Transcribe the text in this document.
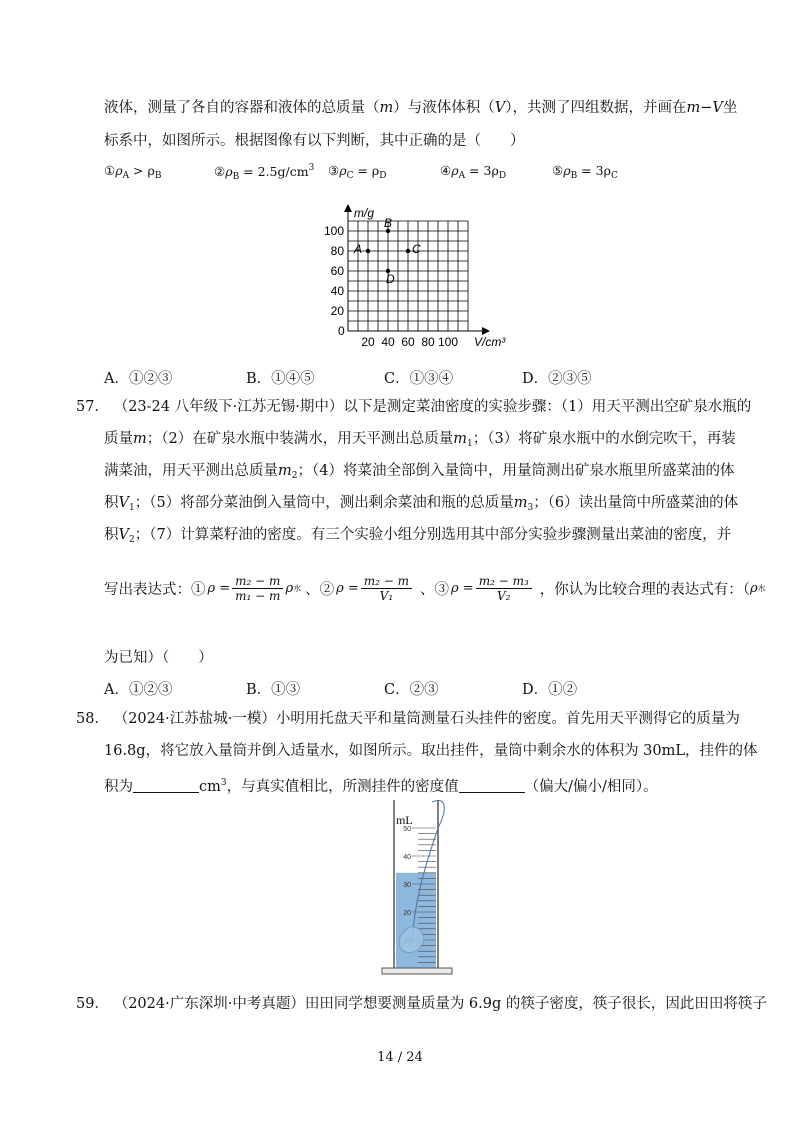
液体，测量了各自的容器和液体的总质量（m）与液体体积（V），共测了四组数据，并画在m−V坐
标系中，如图所示。根据图像有以下判断，其中正确的是（　　）
$①\rho_A > \rho_B$	$②\rho_B = 2.5g/cm^3$ $③\rho_C = \rho_D$	$④\rho_A = 3\rho_D$	$⑤\rho_B = 3\rho_C$
m/g
V/cm³
0
20
40
60
80
100
20 40 60 80 100
A
B
C
D
A．①②③	B．①④⑤	C．①③④	D．②③⑤
57． （23-24 八年级下·江苏无锡·期中）以下是测定菜油密度的实验步骤：（1）用天平测出空矿泉水瓶的
质量m；（2）在矿泉水瓶中装满水，用天平测出总质量$m_1$；（3）将矿泉水瓶中的水倒完吹干，再装
满菜油，用天平测出总质量$m_2$；（4）将菜油全部倒入量筒中，用量筒测出矿泉水瓶里所盛菜油的体
积$V_1$；（5）将部分菜油倒入量筒中，测出剩余菜油和瓶的总质量$m_3$；（6）读出量筒中所盛菜油的体
积$V_2$；（7）计算菜籽油的密度。有三个实验小组分别选用其中部分实验步骤测量出菜油的密度，并
写出表达式：① $\rho = \frac{\text{m₂ − m}}{\text{m₁ − m}}$ ρ 水 、② $\rho = \frac{\text{m₂ − m}}{\text{V₁}}$ 、③ $\rho = \frac{\text{m₂ − m₃}}{\text{V₂}}$ ，你认为比较合理的表达式有：（ ρ 水
为已知）（　　）
A．①②③	B．①③	C．②③	D．①②
58． （2024·江苏盐城·一模）小明用托盘天平和量筒测量石头挂件的密度。首先用天平测得它的质量为
16.8g，将它放入量筒并倒入适量水，如图所示。取出挂件，量筒中剩余水的体积为 30mL，挂件的体
积为	$cm^3$，与真实值相比，所测挂件的密度值	（偏大/偏小/相同）。
50
40
30
20
mL
59． （2024·广东深圳·中考真题）田田同学想要测量质量为 6.9g 的筷子密度，筷子很长，因此田田将筷子
14 / 24
